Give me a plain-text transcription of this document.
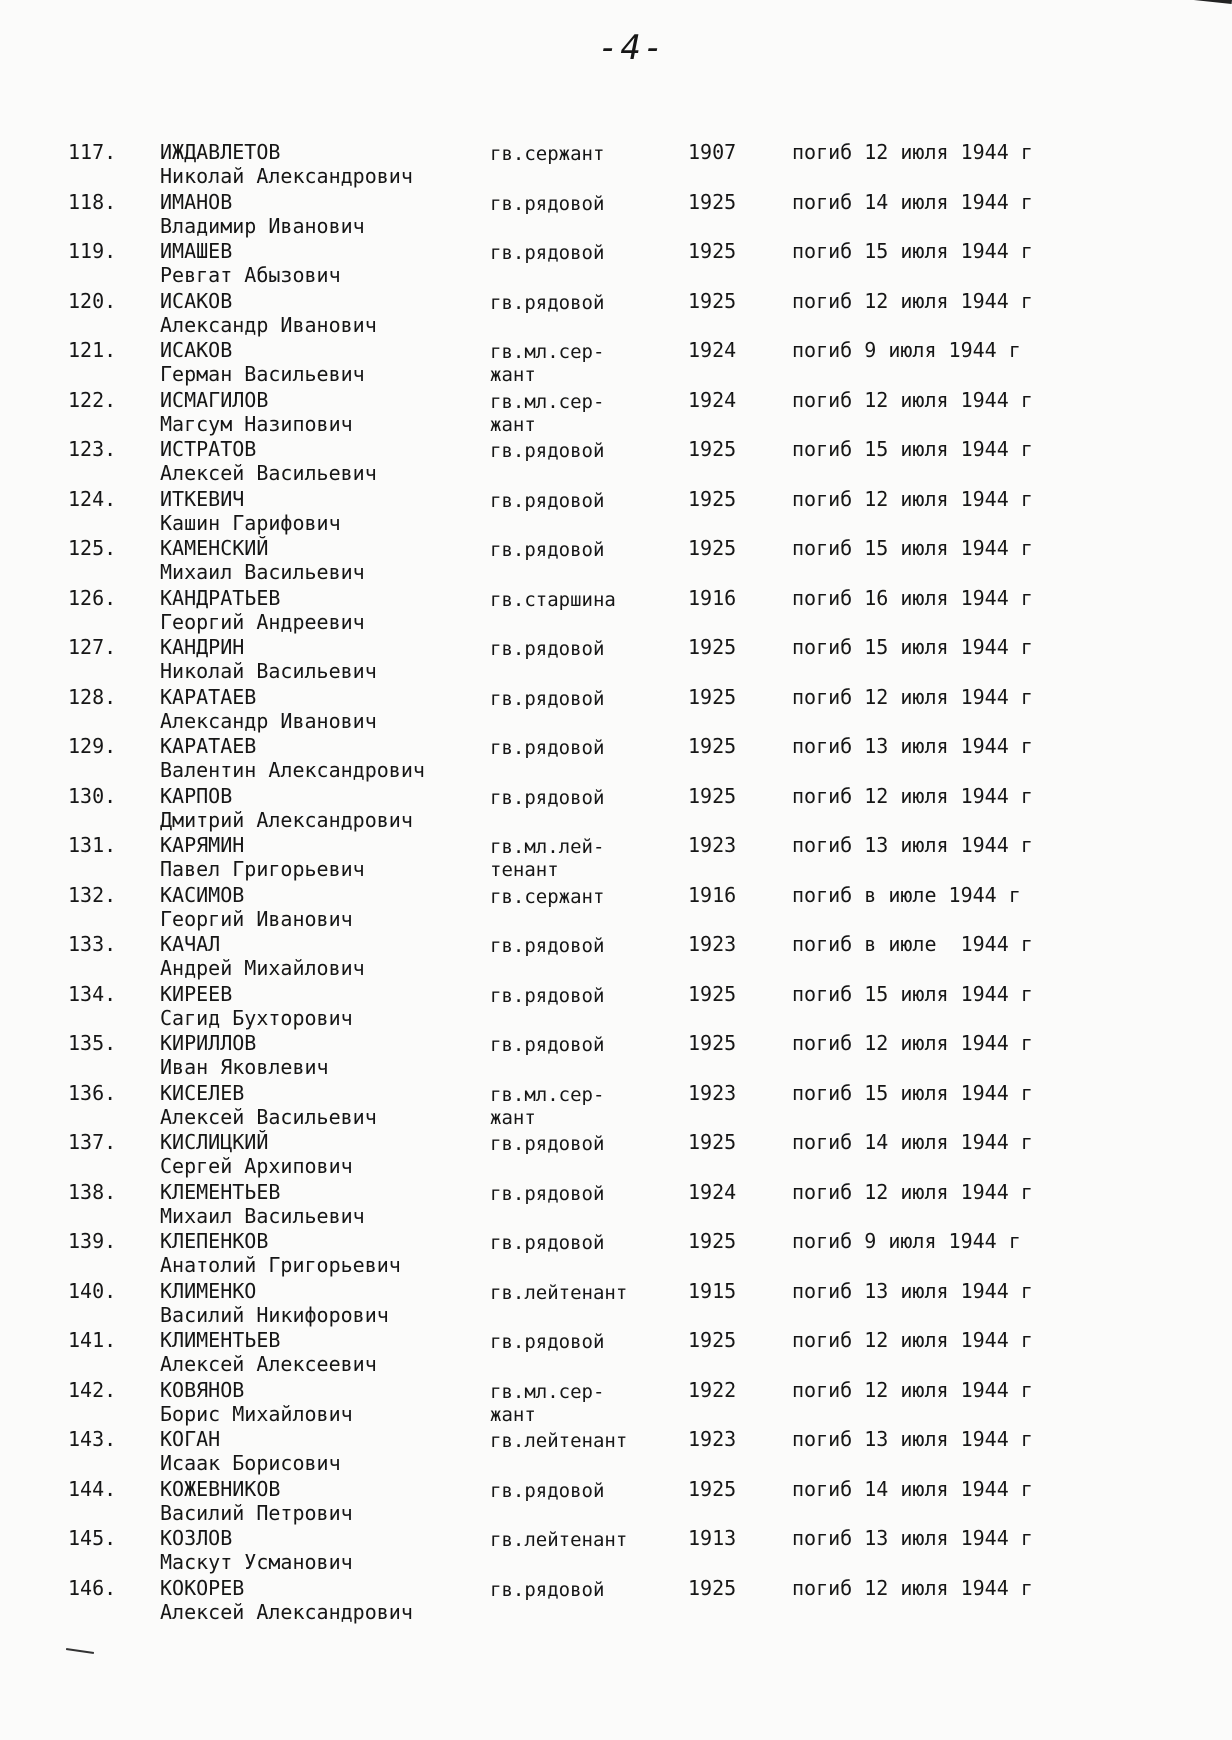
-4-
117. ИЖДАВЛЕТОВ
Николай Александрович
гв.сержант	1907	погиб 12 июля 1944 г
118. ИМАНОВ
Владимир Иванович
гв.рядовой	1925	погиб 14 июля 1944 г
119. ИМАШЕВ
Ревгат Абызович
гв.рядовой	1925	погиб 15 июля 1944 г
120. ИСАКОВ
Александр Иванович
гв.рядовой	1925	погиб 12 июля 1944 г
121. ИСАКОВ
Герман Васильевич
гв.мл.сер-
жант
1924	погиб 9 июля 1944 г
122. ИСМАГИЛОВ
Магсум Назипович
гв.мл.сер-
жант
1924	погиб 12 июля 1944 г
123. ИСТРАТОВ
Алексей Васильевич
гв.рядовой	1925	погиб 15 июля 1944 г
124. ИТКЕВИЧ
Кашин Гарифович
гв.рядовой	1925	погиб 12 июля 1944 г
125. КАМЕНСКИЙ
Михаил Васильевич
гв.рядовой	1925	погиб 15 июля 1944 г
126. КАНДРАТЬЕВ
Георгий Андреевич
гв.старшина	1916	погиб 16 июля 1944 г
127. КАНДРИН
Николай Васильевич
гв.рядовой	1925	погиб 15 июля 1944 г
128. КАРАТАЕВ
Александр Иванович
гв.рядовой	1925	погиб 12 июля 1944 г
129. КАРАТАЕВ
Валентин Александрович
гв.рядовой	1925	погиб 13 июля 1944 г
130. КАРПОВ
Дмитрий Александрович
гв.рядовой	1925	погиб 12 июля 1944 г
131. КАРЯМИН
Павел Григорьевич
гв.мл.лей-
тенант
1923	погиб 13 июля 1944 г
132. КАСИМОВ
Георгий Иванович
гв.сержант	1916	погиб в июле 1944 г
133. КАЧАЛ
Андрей Михайлович
гв.рядовой	1923	погиб в июле  1944 г
134. КИРЕЕВ
Сагид Бухторович
гв.рядовой	1925	погиб 15 июля 1944 г
135. КИРИЛЛОВ
Иван Яковлевич
гв.рядовой	1925	погиб 12 июля 1944 г
136. КИСЕЛЕВ
Алексей Васильевич
гв.мл.сер-
жант
1923	погиб 15 июля 1944 г
137. КИСЛИЦКИЙ
Сергей Архипович
гв.рядовой	1925	погиб 14 июля 1944 г
138. КЛЕМЕНТЬЕВ
Михаил Васильевич
гв.рядовой	1924	погиб 12 июля 1944 г
139. КЛЕПЕНКОВ
Анатолий Григорьевич
гв.рядовой	1925	погиб 9 июля 1944 г
140. КЛИМЕНКО
Василий Никифорович
гв.лейтенант	1915	погиб 13 июля 1944 г
141. КЛИМЕНТЬЕВ
Алексей Алексеевич
гв.рядовой	1925	погиб 12 июля 1944 г
142. КОВЯНОВ
Борис Михайлович
гв.мл.сер-
жант
1922	погиб 12 июля 1944 г
143. КОГАН
Исаак Борисович
гв.лейтенант	1923	погиб 13 июля 1944 г
144. КОЖЕВНИКОВ
Василий Петрович
гв.рядовой	1925	погиб 14 июля 1944 г
145. КОЗЛОВ
Маскут Усманович
гв.лейтенант	1913	погиб 13 июля 1944 г
146. КОКОРЕВ
Алексей Александрович
гв.рядовой	1925	погиб 12 июля 1944 г
